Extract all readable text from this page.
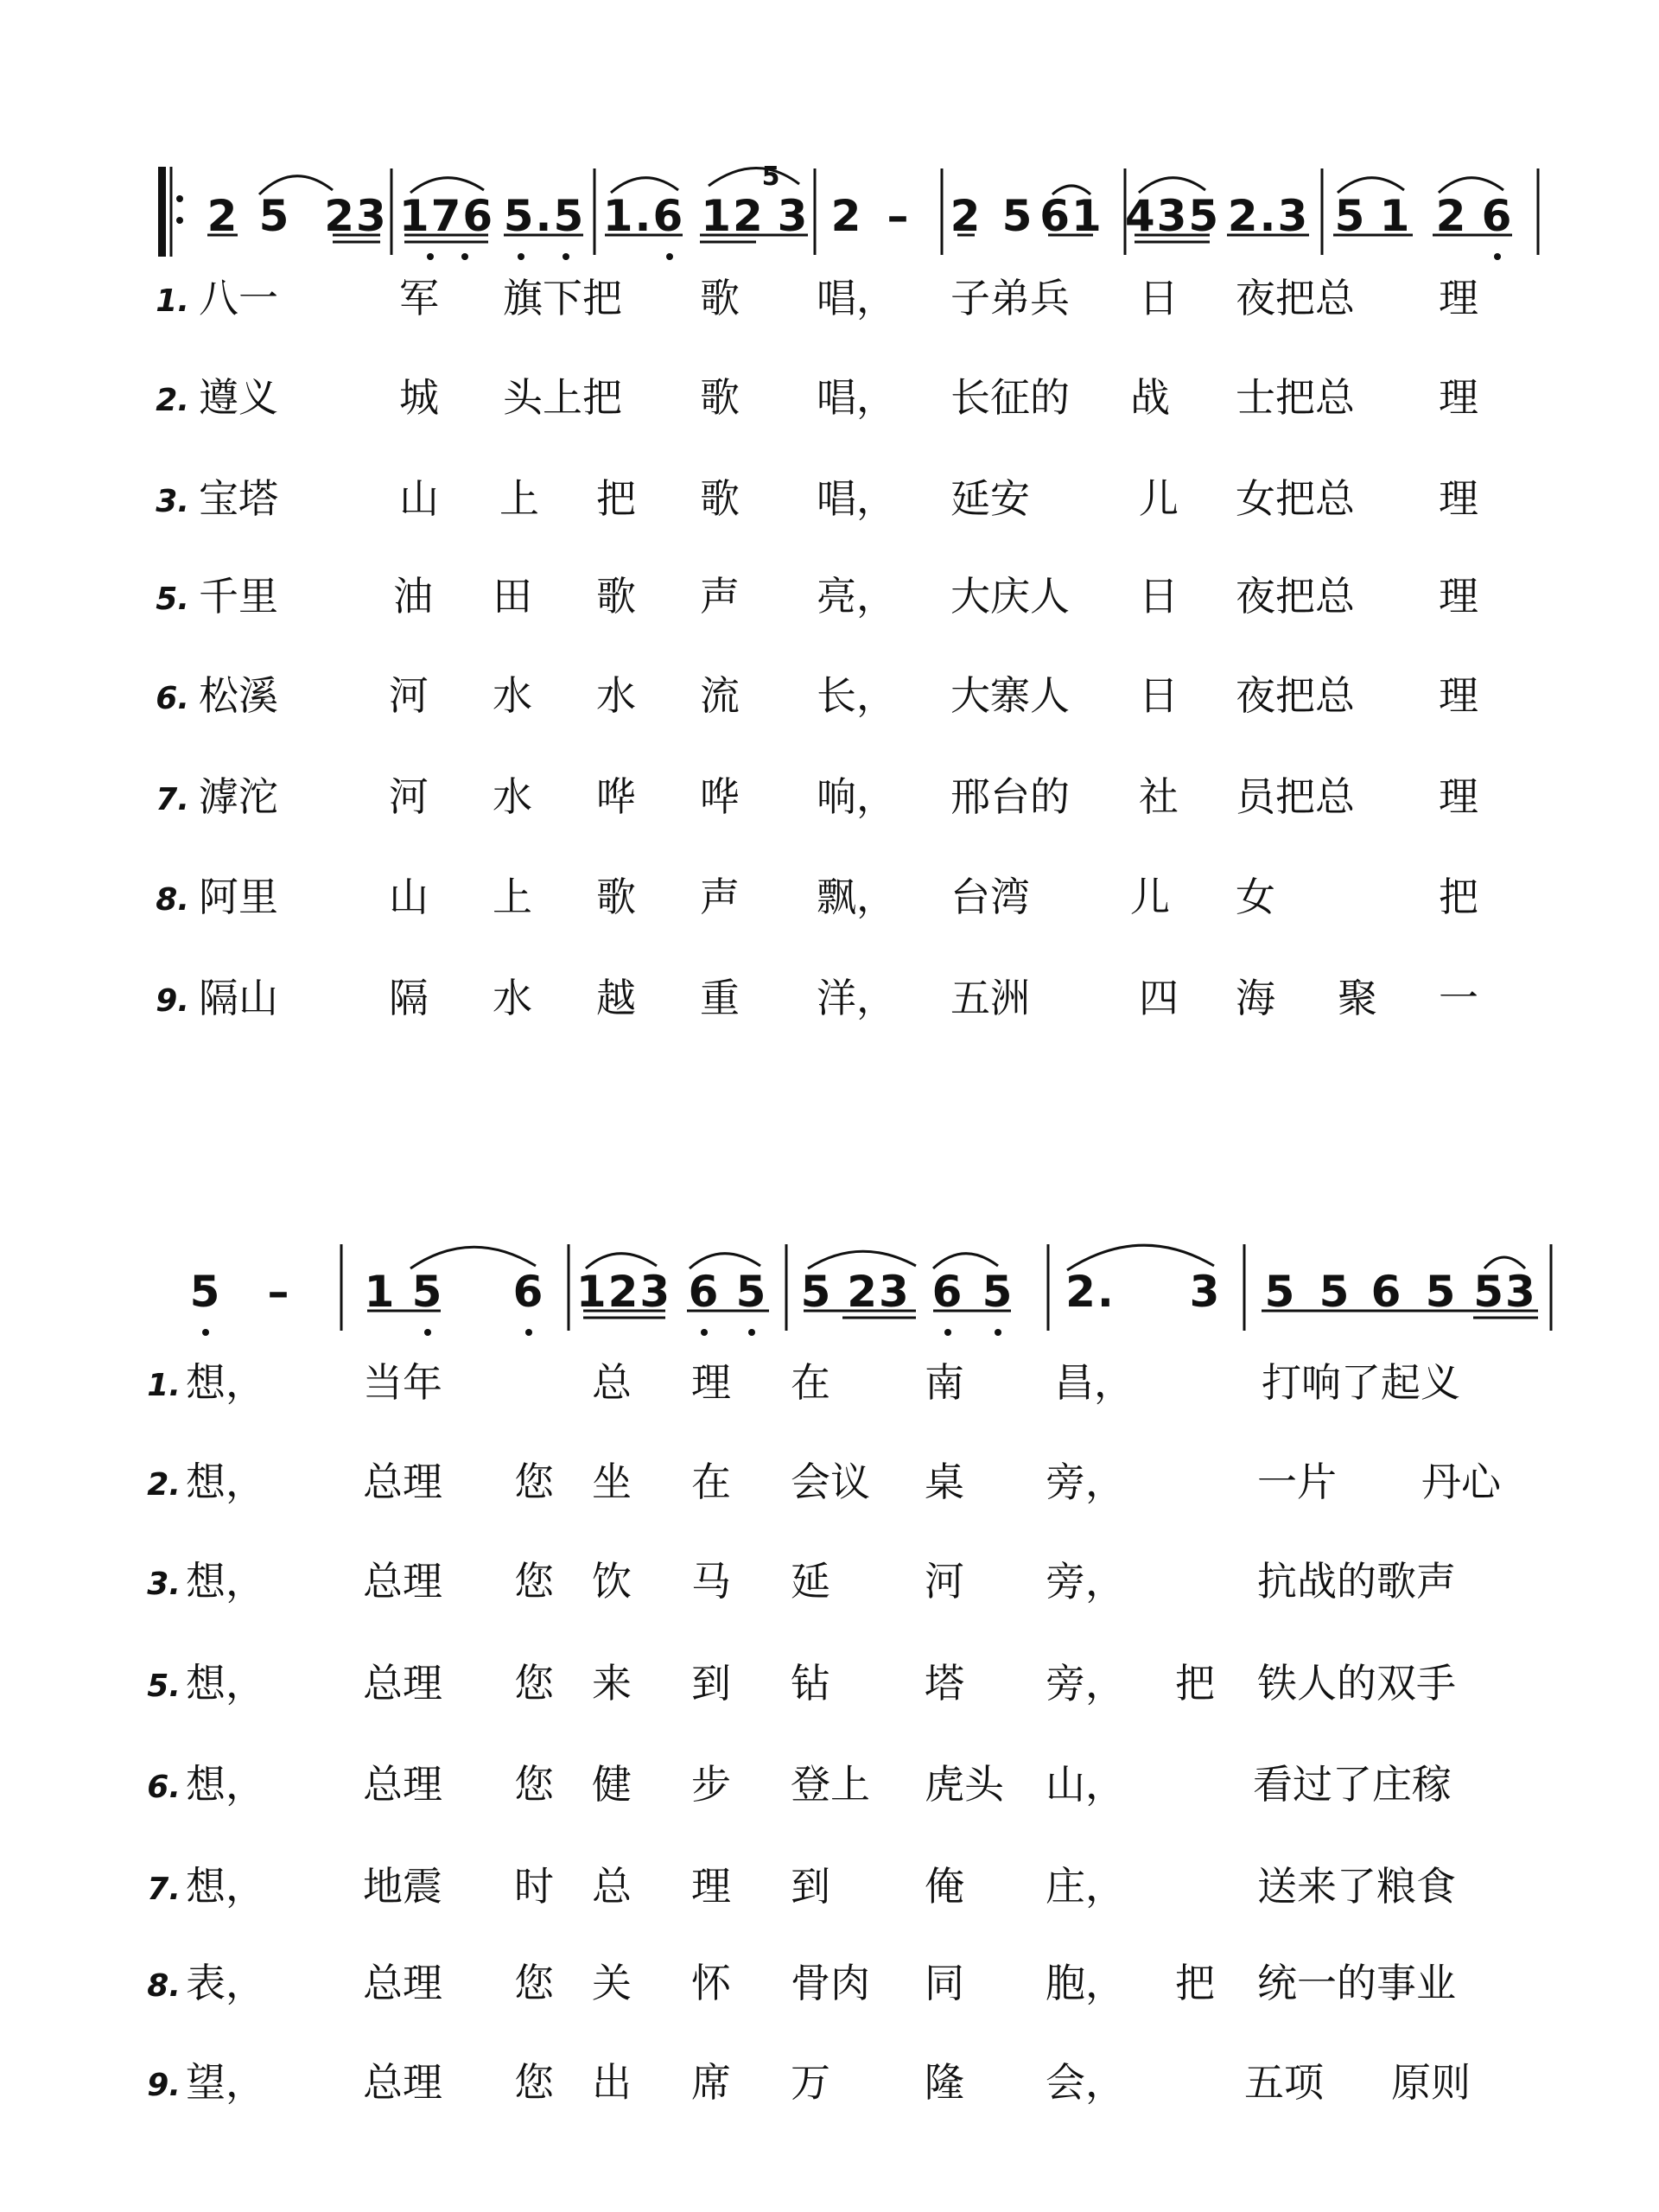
2 5 23 176 5.5 1.6 12
5
3 2 – 2 5 61 435 2.3 5 1 2 6
1. 八一	军 旗下把 歌 唱， 子弟兵 日 夜把总 理
2. 遵义	城 头上把 歌 唱， 长征的 战 士把总 理
3. 宝塔	山 上 把 歌 唱， 延安	儿 女把总 理
5. 千里	油 田 歌 声 亮， 大庆人 日 夜把总 理
6. 松溪	河 水 水 流 长， 大寨人 日 夜把总 理
7. 滹沱	河 水 哗 哗 响， 邢台的 社 员把总 理
8. 阿里	山 上 歌 声 飘， 台湾	儿 女	把
9. 隔山	隔 水 越 重 洋， 五洲	四 海 聚 一
5 – 1 5 6 123 6 5 5 23 6 5 2. 3 5 5 6 5 53
1. 想， 当年	总 理 在 南 昌，	打响了起义
2. 想， 总理 您 坐 在 会议 桌 旁，	一片 丹心
3. 想， 总理 您 饮 马 延 河 旁，	抗战的歌声
5. 想， 总理 您 来 到 钻 塔 旁， 把 铁人的双手
6. 想， 总理 您 健 步 登上 虎头 山，	看过了庄稼
7. 想， 地震 时 总 理 到 俺 庄，	送来了粮食
8. 表， 总理 您 关 怀 骨肉 同 胞， 把 统一的事业
9. 望， 总理 您 出 席 万 隆 会，	五项 原则
